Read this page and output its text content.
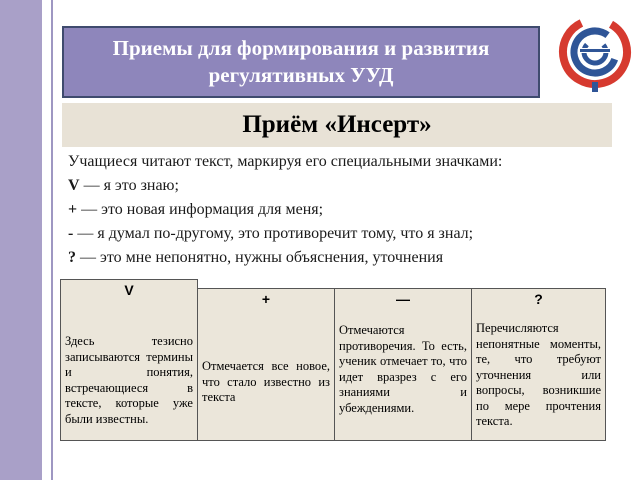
Приемы для формирования и развития
регулятивных УУД
Приём «Инсерт»

Учащиеся читают текст, маркируя его специальными значками:

V — я это знаю;

+ — это новая информация для меня;

- — я думал по-другому, это противоречит тому, что я знал;

? — это мне непонятно, нужны объяснения, уточнения

V
Здесь тезисно записываются термины и понятия, встречающиеся в тексте, которые уже были известны.
+
Отмечается все новое, что стало известно из текста
—
Отмечаются противоречия. То есть, ученик отмечает то, что идет вразрез с его знаниями и убеждениями.
?
Перечисляются непонятные моменты, те, что требуют уточнения или вопросы, возникшие по мере прочтения текста.
